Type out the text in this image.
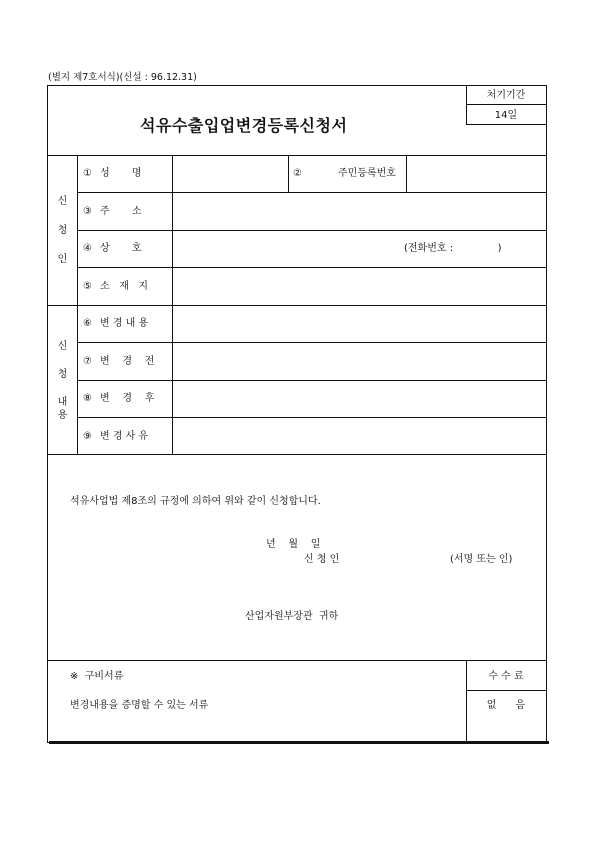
(별지 제7호서식)(신설 : 96.12.31)
석유수출입업변경등록신청서
처기기간
14일
신
청
인
신
청
내
용
① 성       명	②	주민등록번호
③ 주       소
④ 상       호	(전화번호 :              )
⑤ 소   재   지
⑥ 변 경 내 용
⑦ 변    경    전
⑧ 변    경    후
⑨ 변 경 사 유
석유사업법 제8조의 규정에 의하여 위와 같이 신청합니다.
년    월    일
신 청 인	(서명 또는 인)
산업자원부장관  귀하
※  구비서류
변경내용을 증명할 수 있는 서류
수 수 료
없      음
